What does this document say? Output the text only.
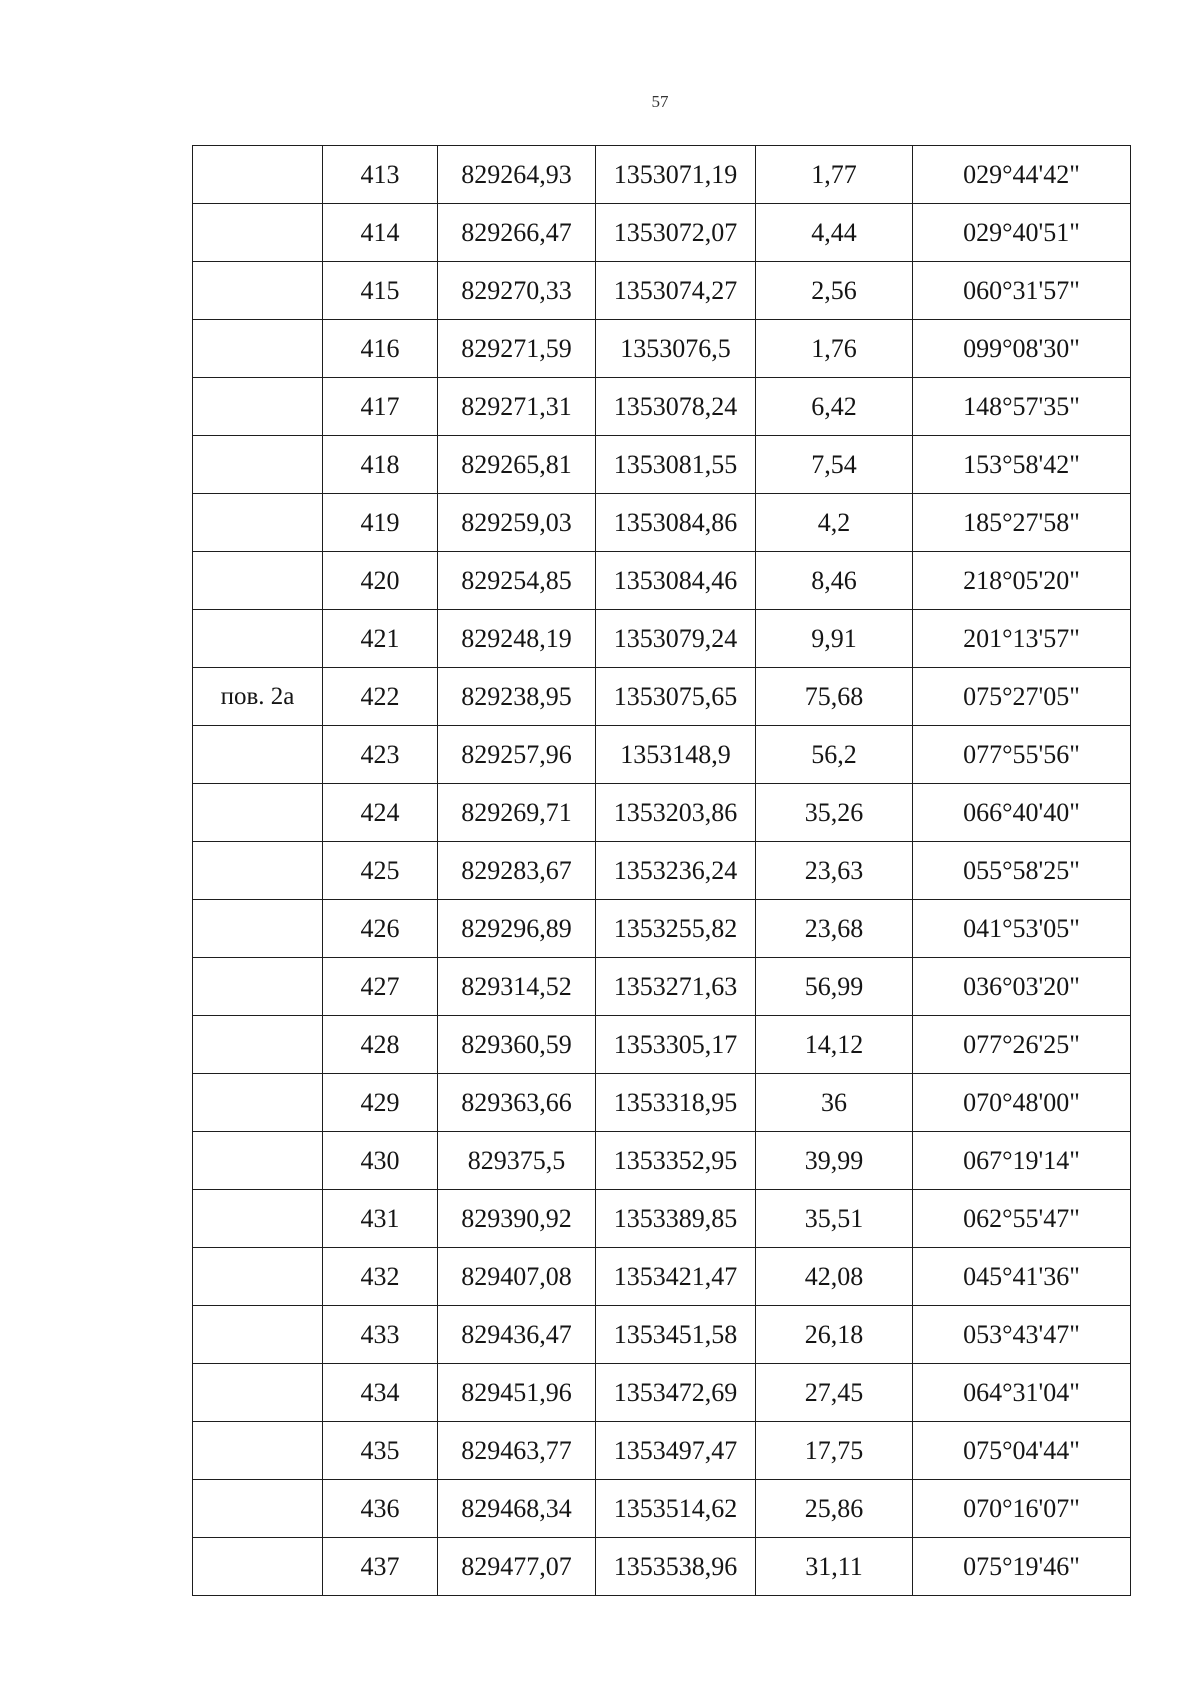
57
	413	829264,93	1353071,19	1,77	029°44'42"
	414	829266,47	1353072,07	4,44	029°40'51"
	415	829270,33	1353074,27	2,56	060°31'57"
	416	829271,59	1353076,5	1,76	099°08'30"
	417	829271,31	1353078,24	6,42	148°57'35"
	418	829265,81	1353081,55	7,54	153°58'42"
	419	829259,03	1353084,86	4,2	185°27'58"
	420	829254,85	1353084,46	8,46	218°05'20"
	421	829248,19	1353079,24	9,91	201°13'57"
пов. 2а	422	829238,95	1353075,65	75,68	075°27'05"
	423	829257,96	1353148,9	56,2	077°55'56"
	424	829269,71	1353203,86	35,26	066°40'40"
	425	829283,67	1353236,24	23,63	055°58'25"
	426	829296,89	1353255,82	23,68	041°53'05"
	427	829314,52	1353271,63	56,99	036°03'20"
	428	829360,59	1353305,17	14,12	077°26'25"
	429	829363,66	1353318,95	36	070°48'00"
	430	829375,5	1353352,95	39,99	067°19'14"
	431	829390,92	1353389,85	35,51	062°55'47"
	432	829407,08	1353421,47	42,08	045°41'36"
	433	829436,47	1353451,58	26,18	053°43'47"
	434	829451,96	1353472,69	27,45	064°31'04"
	435	829463,77	1353497,47	17,75	075°04'44"
	436	829468,34	1353514,62	25,86	070°16'07"
	437	829477,07	1353538,96	31,11	075°19'46"
